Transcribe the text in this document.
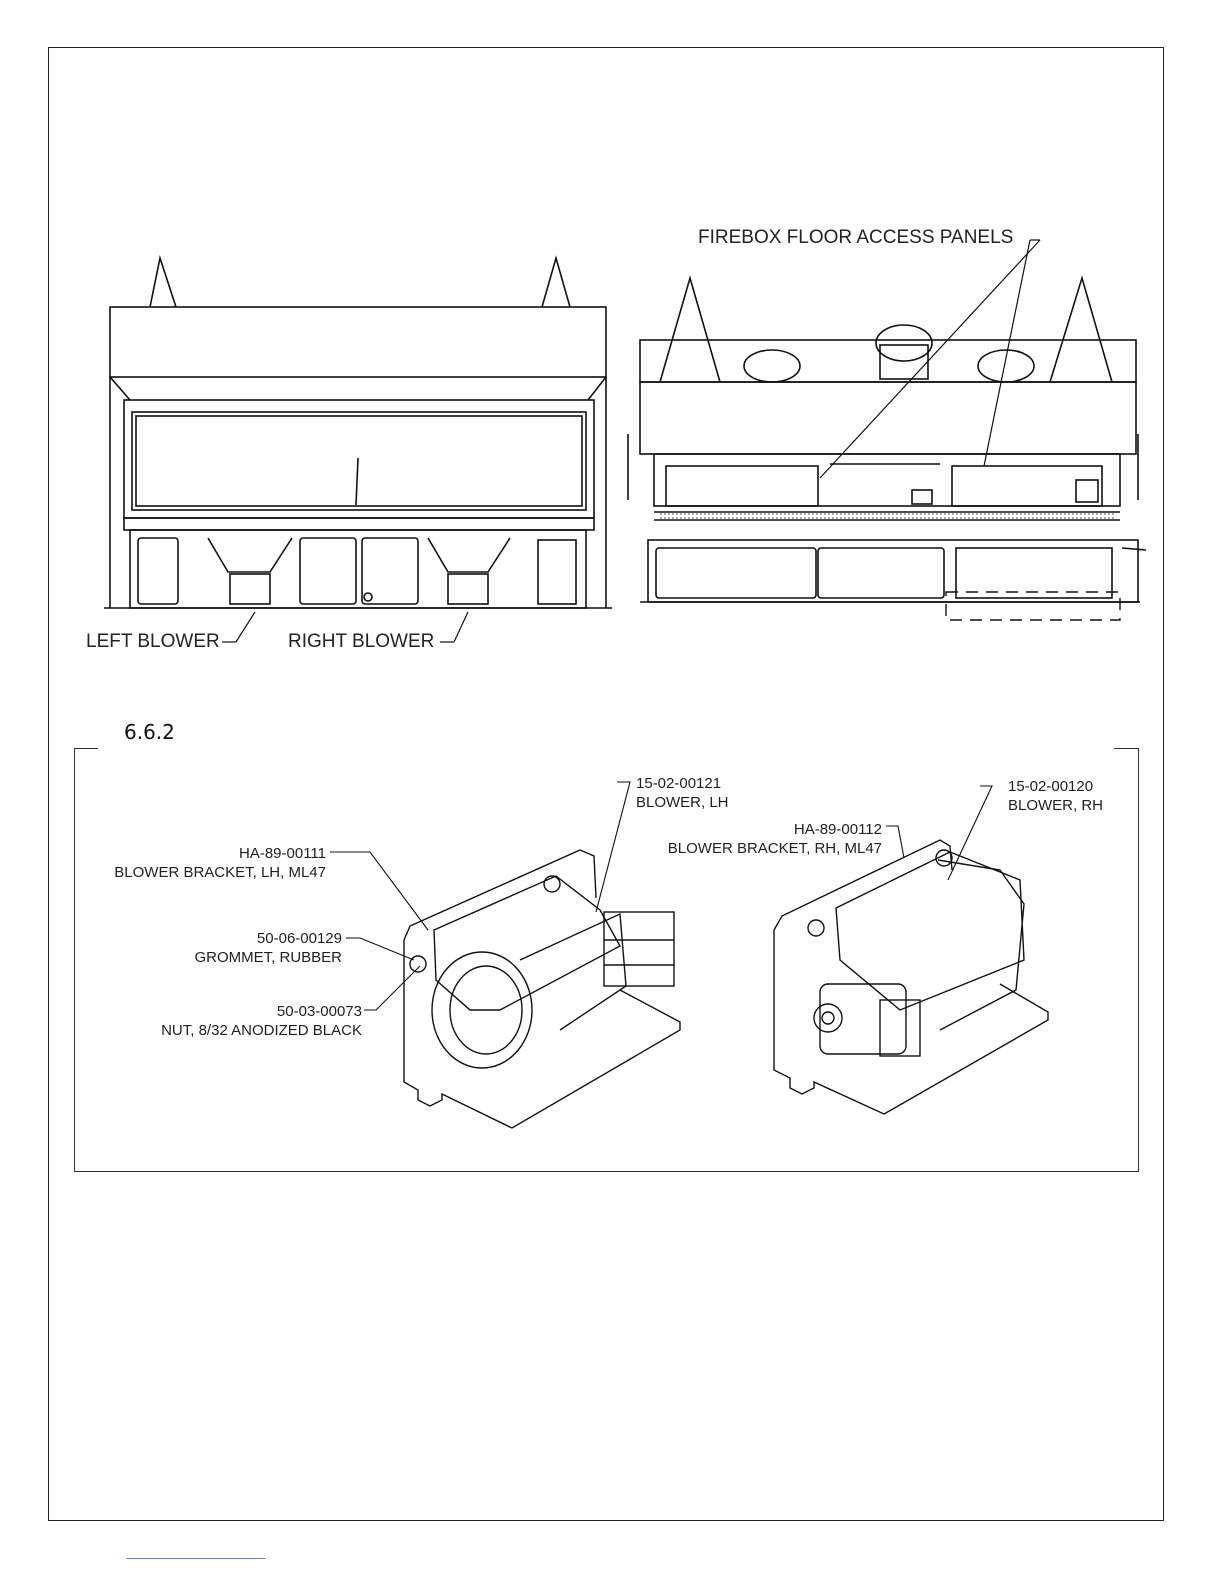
FIREBOX FLOOR ACCESS PANELS
LEFT BLOWER	RIGHT BLOWER
6.6.2
15-02-00121
BLOWER, LH
15-02-00120
BLOWER, RH
HA-89-00111
BLOWER BRACKET, LH, ML47
HA-89-00112
BLOWER BRACKET, RH, ML47
50-06-00129
GROMMET, RUBBER
50-03-00073
NUT, 8/32 ANODIZED BLACK
